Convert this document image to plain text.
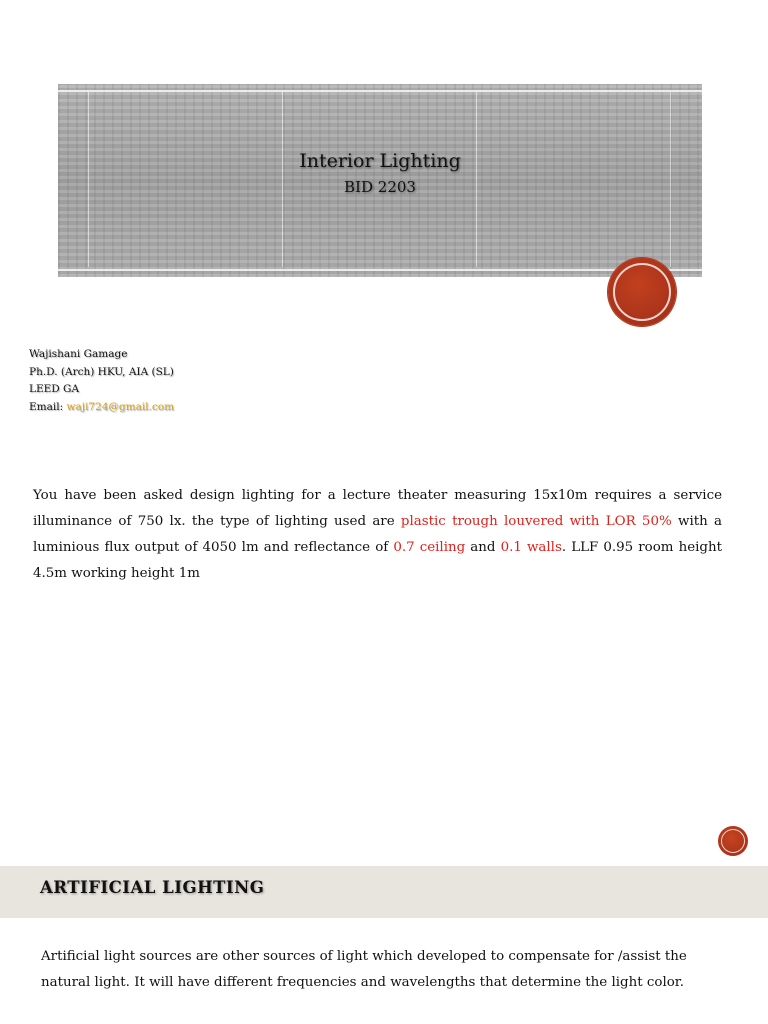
Interior Lighting
BID 2203
Wajishani Gamage
Ph.D. (Arch) HKU, AIA (SL)
LEED GA
Email: waji724@gmail.com
You have been asked design lighting for a lecture theater measuring 15x10m requires a service illuminance of 750 lx. the type of lighting used are plastic trough louvered with LOR 50% with a luminious flux output of 4050 lm and reflectance of 0.7 ceiling and 0.1 walls. LLF 0.95 room height 4.5m working height 1m
ARTIFICIAL LIGHTING
Artificial light sources are other sources of light which developed to compensate for /assist the natural light. It will have different frequencies and wavelengths that determine the light color.
